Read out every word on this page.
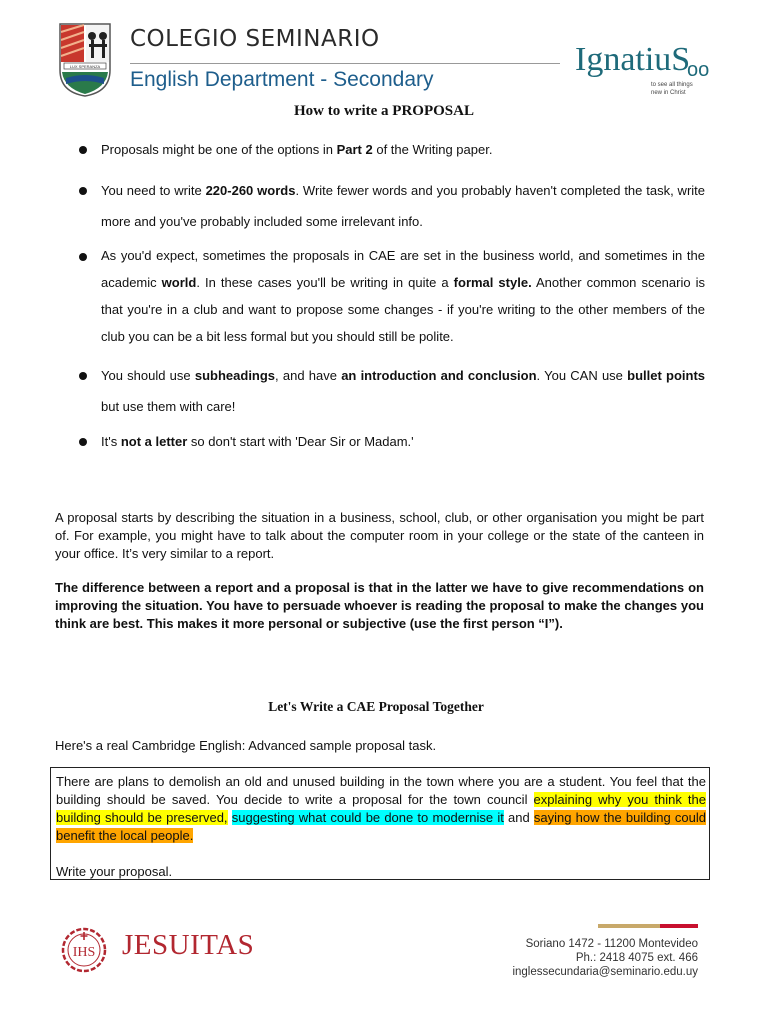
LUX SPERANZA
COLEGIO SEMINARIO
English Department - Secondary
IgnatiuS
oo
to see all things
new in Christ
How to write a PROPOSAL
Proposals might be one of the options in Part 2 of the Writing paper.
You need to write 220-260 words. Write fewer words and you probably haven't completed the task, write more and you've probably included some irrelevant info.
As you'd expect, sometimes the proposals in CAE are set in the business world, and sometimes in the academic world. In these cases you'll be writing in quite a formal style. Another common scenario is that you're in a club and want to propose some changes - if you're writing to the other members of the club you can be a bit less formal but you should still be polite.
You should use subheadings, and have an introduction and conclusion. You CAN use bullet points but use them with care!
It's not a letter so don't start with 'Dear Sir or Madam.'
A proposal starts by describing the situation in a business, school, club, or other organisation you might be part of. For example, you might have to talk about the computer room in your college or the state of the canteen in your office. It’s very similar to a report.
The difference between a report and a proposal is that in the latter we have to give recommendations on improving the situation. You have to persuade whoever is reading the proposal to make the changes you think are best. This makes it more personal or subjective (use the first person “I”).
Let's Write a CAE Proposal Together
Here's a real Cambridge English: Advanced sample proposal task.
There are plans to demolish an old and unused building in the town where you are a student. You feel that the building should be saved. You decide to write a proposal for the town council explaining why you think the building should be preserved, suggesting what could be done to modernise it and saying how the building could benefit the local people.

Write your proposal.
IHS JESUITAS	Soriano 1472 - 11200 Montevideo
Ph.: 2418 4075 ext. 466
inglessecundaria@seminario.edu.uy
